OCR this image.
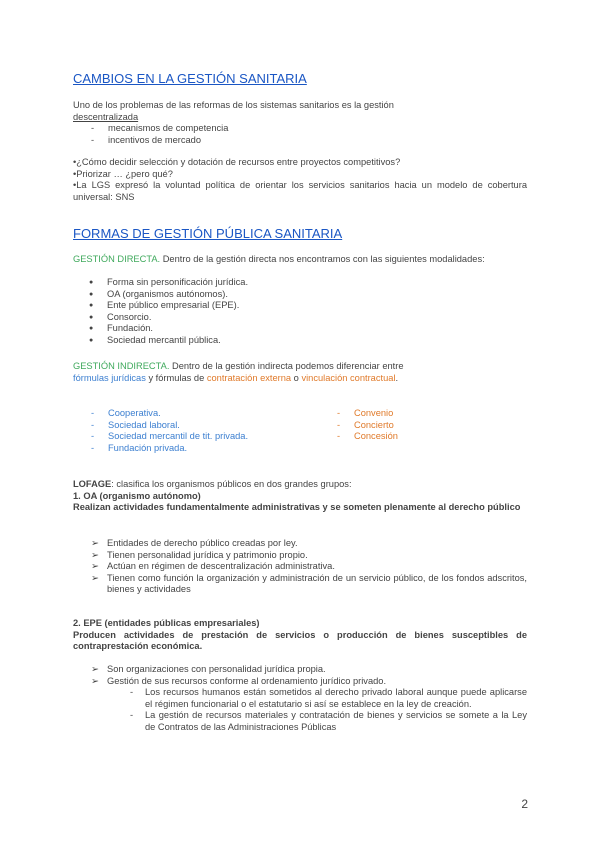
CAMBIOS EN LA GESTIÓN SANITARIA
Uno de los problemas de las reformas de los sistemas sanitarios es la gestión
descentralizada
- mecanismos de competencia
- incentivos de mercado
•¿Cómo decidir selección y dotación de recursos entre proyectos competitivos?
•Priorizar … ¿pero qué?
•La LGS expresó la voluntad política de orientar los servicios sanitarios hacia un modelo de cobertura universal: SNS
FORMAS DE GESTIÓN PÚBLICA SANITARIA
GESTIÓN DIRECTA. Dentro de la gestión directa nos encontramos con las siguientes modalidades:
● Forma sin personificación jurídica.
● OA (organismos autónomos).
● Ente público empresarial (EPE).
● Consorcio.
● Fundación.
● Sociedad mercantil pública.
GESTIÓN INDIRECTA. Dentro de la gestión indirecta podemos diferenciar entre
fórmulas jurídicas y fórmulas de contratación externa o vinculación contractual.
- Cooperativa.
- Sociedad laboral.
- Sociedad mercantil de tit. privada.
- Fundación privada.
- Convenio
- Concierto
- Concesión
LOFAGE: clasifica los organismos públicos en dos grandes grupos:
1. OA (organismo autónomo)
Realizan actividades fundamentalmente administrativas y se someten plenamente al derecho público
➢ Entidades de derecho público creadas por ley.
➢ Tienen personalidad jurídica y patrimonio propio.
➢ Actúan en régimen de descentralización administrativa.
➢ Tienen como función la organización y administración de un servicio público, de los fondos adscritos, bienes y actividades
2. EPE (entidades públicas empresariales)
Producen actividades de prestación de servicios o producción de bienes susceptibles de contraprestación económica.
➢ Son organizaciones con personalidad jurídica propia.
➢ Gestión de sus recursos conforme al ordenamiento jurídico privado.
- Los recursos humanos están sometidos al derecho privado laboral aunque puede aplicarse el régimen funcionarial o el estatutario si así se establece en la ley de creación.
- La gestión de recursos materiales y contratación de bienes y servicios se somete a la Ley de Contratos de las Administraciones Públicas
2
